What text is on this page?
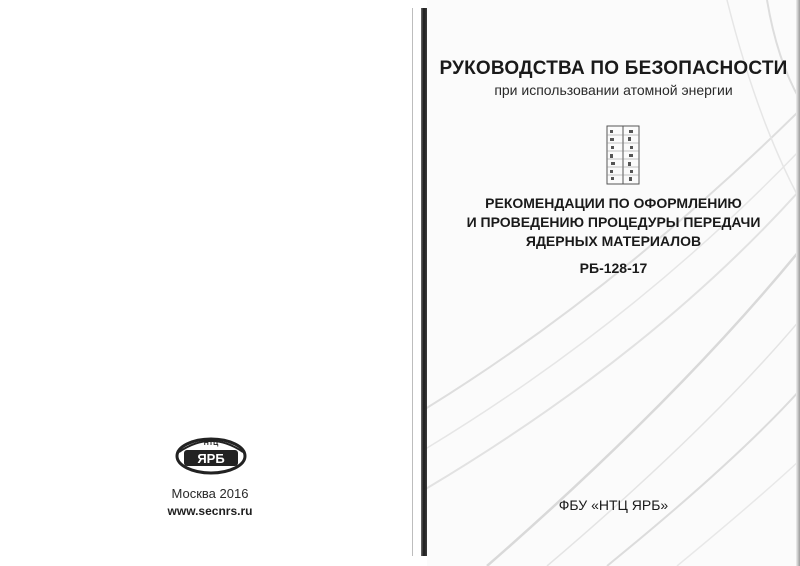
НТЦ
ЯРБ
Москва 2016
www.secnrs.ru
РУКОВОДСТВА ПО БЕЗОПАСНОСТИ
при использовании атомной энергии
РЕКОМЕНДАЦИИ ПО ОФОРМЛЕНИЮ
И ПРОВЕДЕНИЮ ПРОЦЕДУРЫ ПЕРЕДАЧИ
ЯДЕРНЫХ МАТЕРИАЛОВ
РБ-128-17
ФБУ «НТЦ ЯРБ»
